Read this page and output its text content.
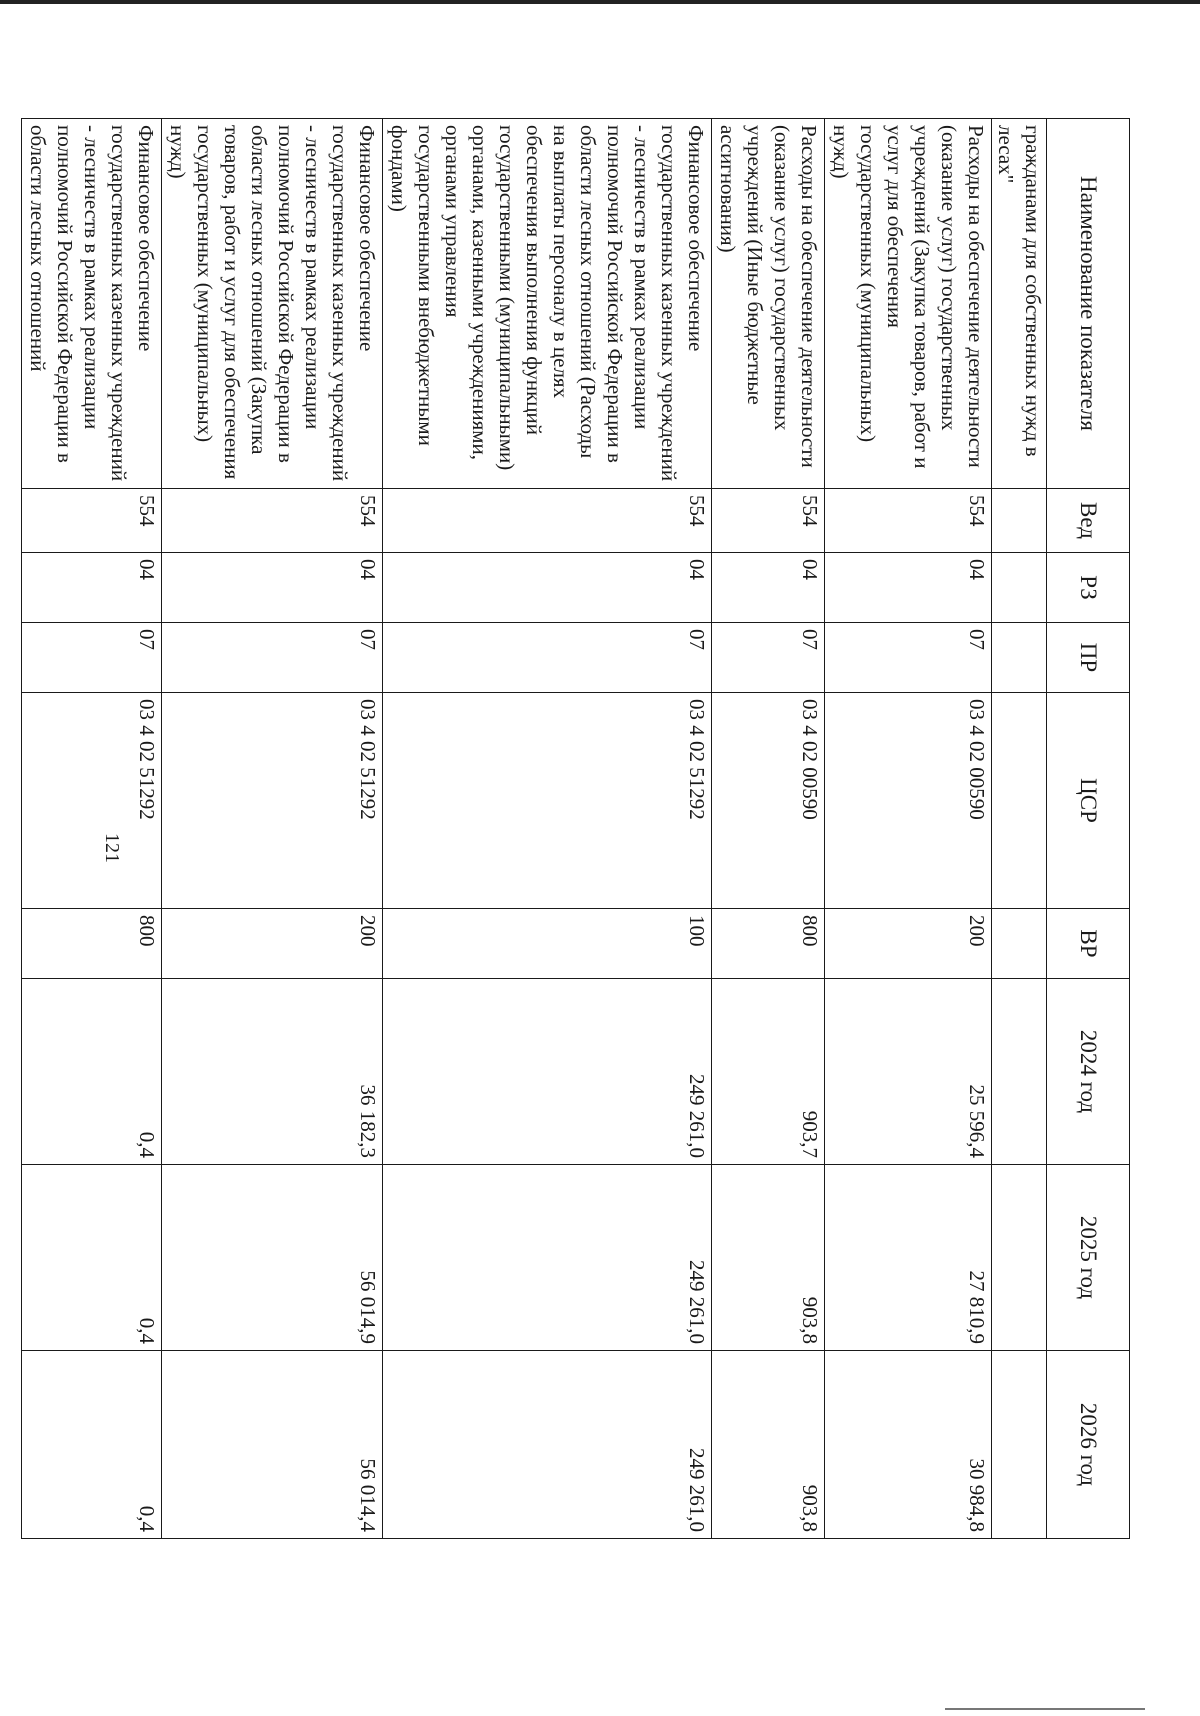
121
Наименование показателя	Вед	РЗ	ПР	ЦСР	ВР	2024 год	2025 год	2026 год
гражданами для собственных нужд в лесах"								
Расходы на обеспечение деятельности (оказание услуг) государственных учреждений (Закупка товаров, работ и услуг для обеспечения государственных (муниципальных) нужд)	554	04	07	03 4 02 00590	200	25 596,4	27 810,9	30 984,8
Расходы на обеспечение деятельности (оказание услуг) государственных учреждений (Иные бюджетные ассигнования)	554	04	07	03 4 02 00590	800	903,7	903,8	903,8
Финансовое обеспечение государственных казенных учреждений - лесничеств в рамках реализации полномочий Российской Федерации в области лесных отношений (Расходы на выплаты персоналу в целях обеспечения выполнения функций государственными (муниципальными) органами, казенными учреждениями, органами управления государственными внебюджетными фондами)	554	04	07	03 4 02 51292	100	249 261,0	249 261,0	249 261,0
Финансовое обеспечение государственных казенных учреждений - лесничеств в рамках реализации полномочий Российской Федерации в области лесных отношений (Закупка товаров, работ и услуг для обеспечения государственных (муниципальных) нужд)	554	04	07	03 4 02 51292	200	36 182,3	56 014,9	56 014,4
Финансовое обеспечение государственных казенных учреждений - лесничеств в рамках реализации полномочий Российской Федерации в области лесных отношений	554	04	07	03 4 02 51292	800	0,4	0,4	0,4
